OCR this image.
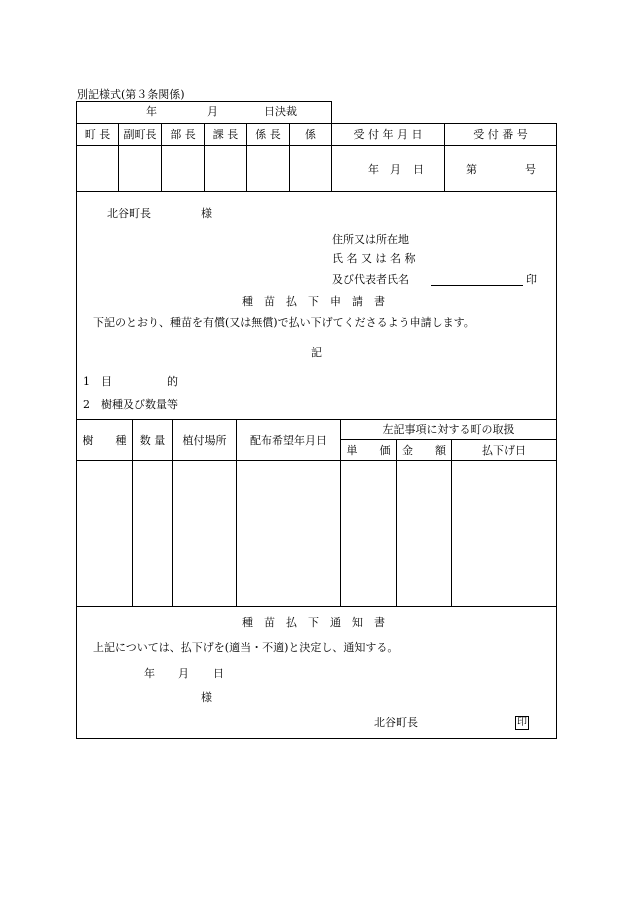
別記様式(第３条関係)
年	月	日決裁
町 長	副町長	部 長	課 長	係 長	係	受 付 年 月 日	受 付 番 号
年 月 日	第	号
北谷町長	様
住所又は所在地
氏 名 又 は 名 称
及び代表者氏名	印
種　苗　払　下　申　請　書
下記のとおり、種苗を有償(又は無償)で払い下げてくださるよう申請します。
記
1 目　　　　　的
2 樹種及び数量等
樹　　種	数 量	植付場所	配布希望年月日
左記事項に対する町の取扱
単　　価	金　　額	払下げ日
種　苗　払　下　通　知　書
上記については、払下げを(適当・不適)と決定し、通知する。
年 月 日
様
北谷町長	印
